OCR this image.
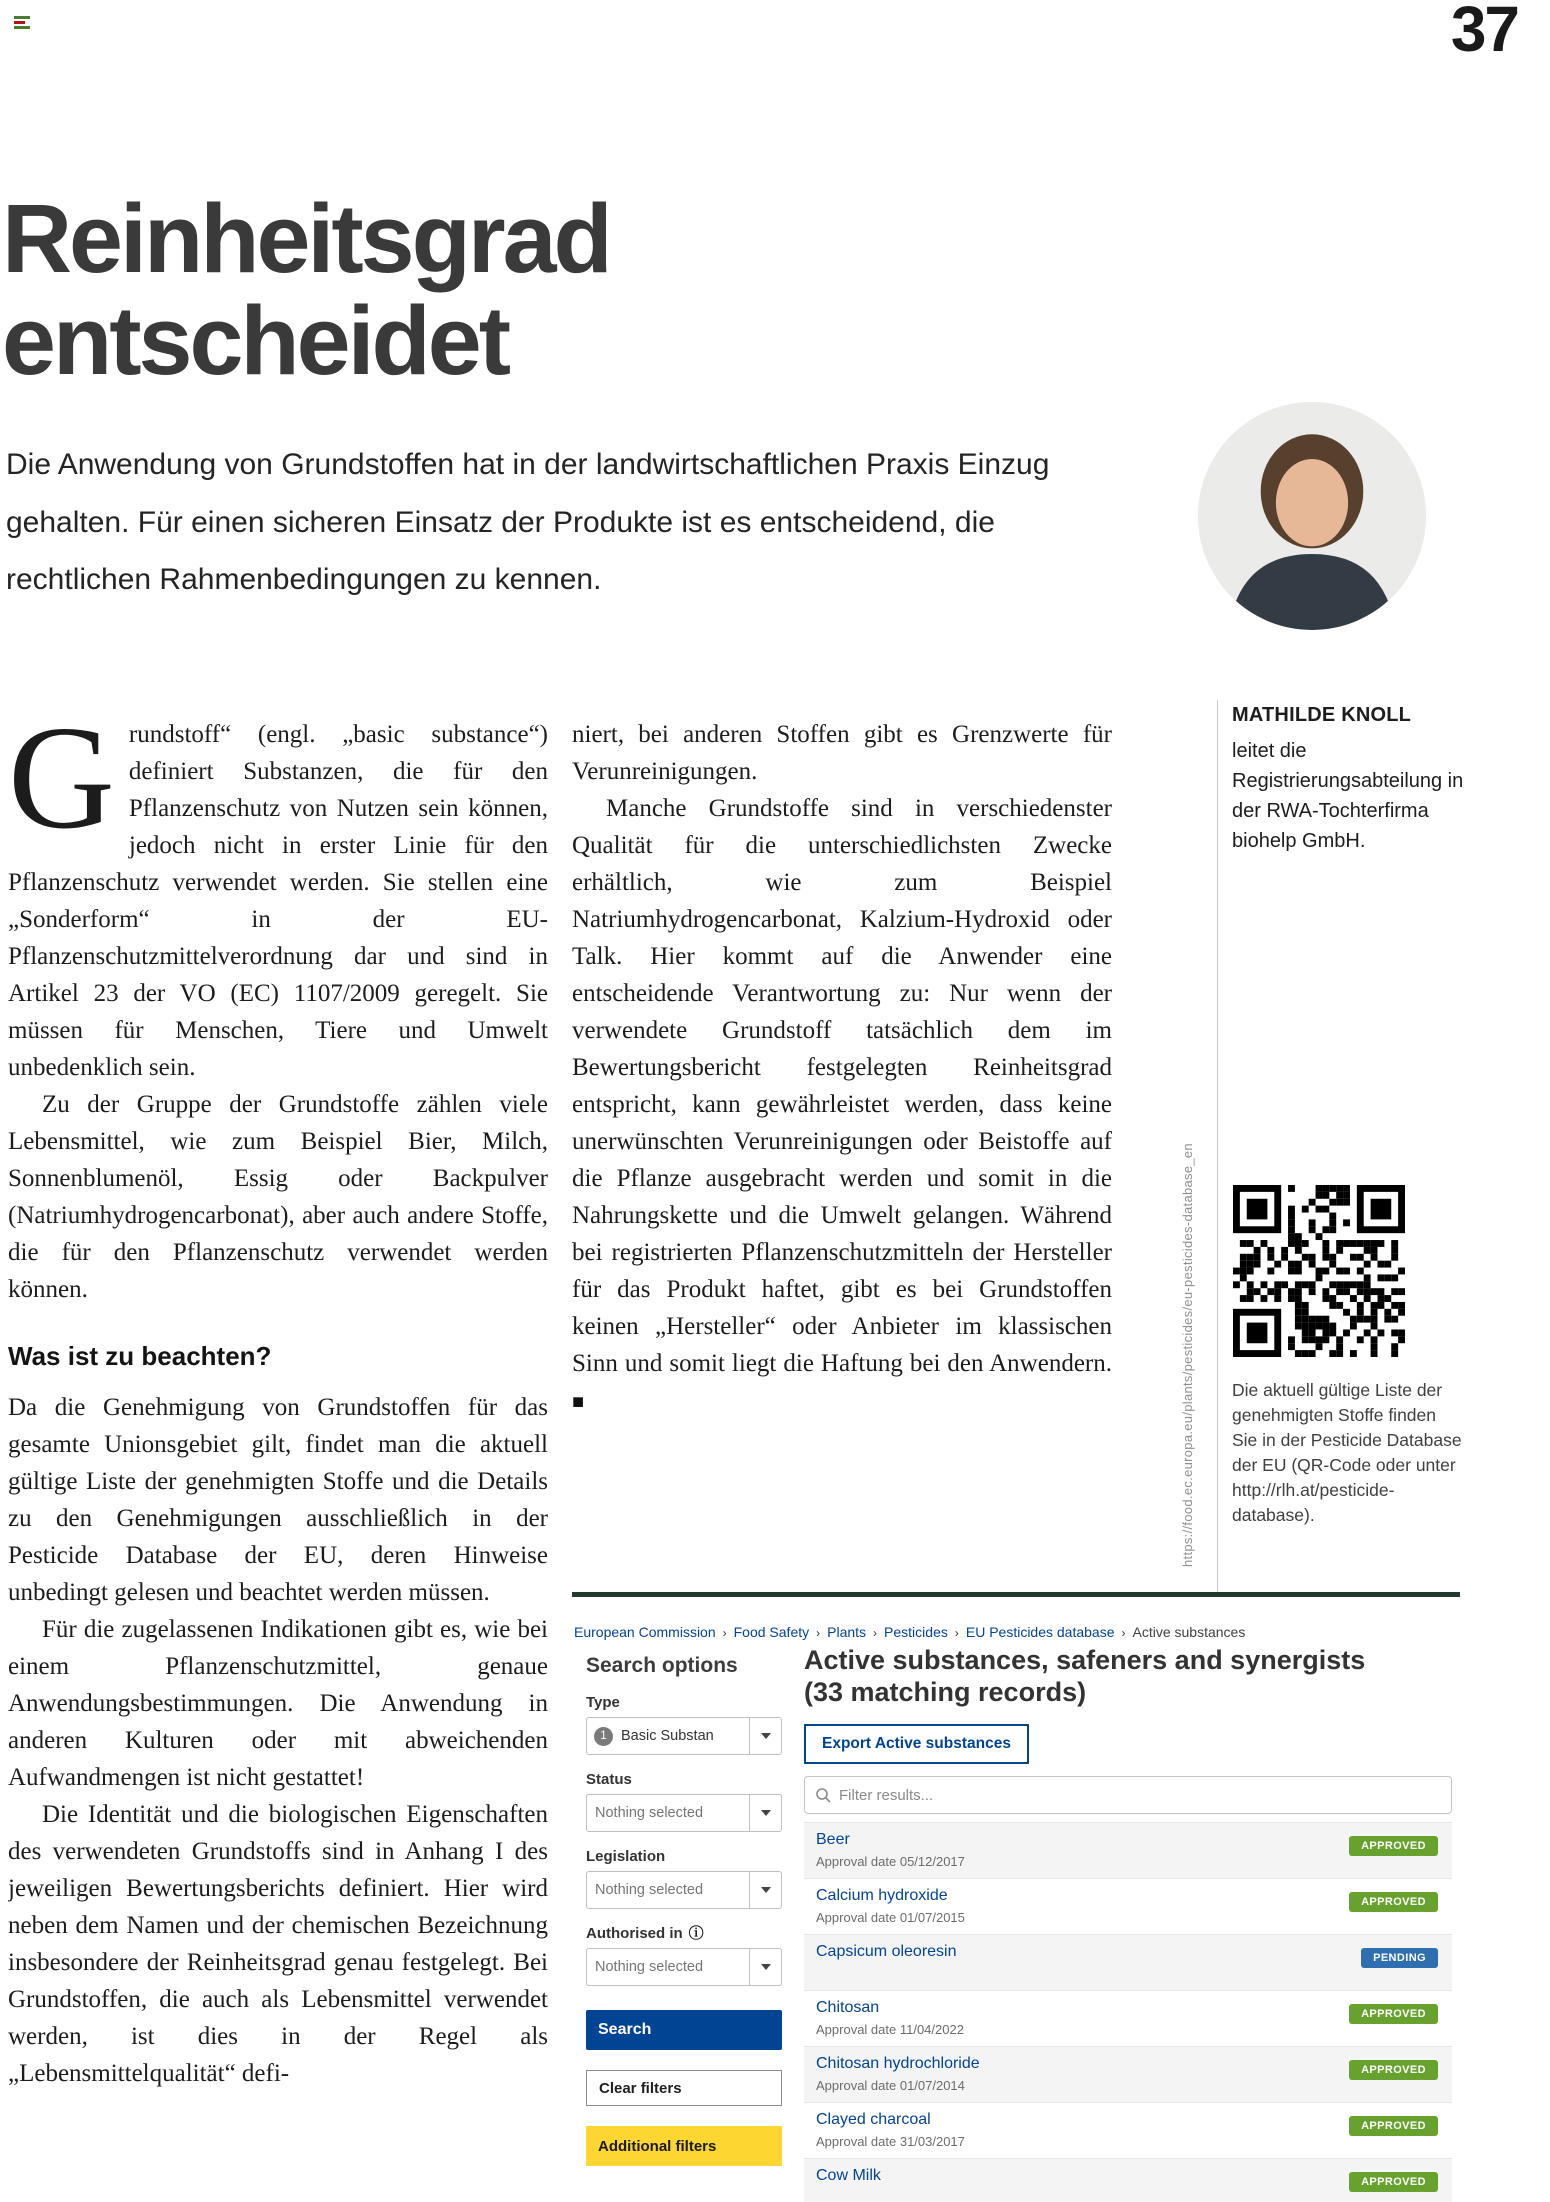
37
Reinheitsgrad
entscheidet
Die Anwendung von Grundstoffen hat in der landwirtschaftlichen Praxis Einzug gehalten. Für einen sicheren Einsatz der Produkte ist es entscheidend, die rechtlichen Rahmenbedingungen zu kennen.

Grundstoff“ (engl. „basic substance“) definiert Substanzen, die für den Pflanzenschutz von Nutzen sein können, jedoch nicht in erster Linie für den Pflanzenschutz verwendet werden. Sie stellen eine „Sonderform“ in der EU- Pflanzenschutzmittelverordnung dar und sind in Artikel 23 der VO (EC) 1107/2009 geregelt. Sie müssen für Menschen, Tiere und Umwelt unbedenklich sein.

Zu der Gruppe der Grundstoffe zählen viele Lebensmittel, wie zum Beispiel Bier, Milch, Sonnenblumenöl, Essig oder Backpulver (Natriumhydrogencarbonat), aber auch andere Stoffe, die für den Pflanzenschutz verwendet werden können.

Was ist zu beachten?

Da die Genehmigung von Grundstoffen für das gesamte Unionsgebiet gilt, findet man die aktuell gültige Liste der genehmigten Stoffe und die Details zu den Genehmigungen ausschließlich in der Pesticide Database der EU, deren Hinweise unbedingt gelesen und beachtet werden müssen.

Für die zugelassenen Indikationen gibt es, wie bei einem Pflanzenschutzmittel, genaue Anwendungsbestimmungen. Die Anwendung in anderen Kulturen oder mit abweichenden Aufwandmengen ist nicht gestattet!

Die Identität und die biologischen Eigenschaften des verwendeten Grundstoffs sind in Anhang I des jeweiligen Bewertungsberichts definiert. Hier wird neben dem Namen und der chemischen Bezeichnung insbesondere der Reinheitsgrad genau festgelegt. Bei Grundstoffen, die auch als Lebensmittel verwendet werden, ist dies in der Regel als „Lebensmittelqualität“ defi-

niert, bei anderen Stoffen gibt es Grenzwerte für Verunreinigungen.

Manche Grundstoffe sind in verschiedenster Qualität für die unterschiedlichsten Zwecke erhältlich, wie zum Beispiel Natriumhydrogencarbonat, Kalzium-Hydroxid oder Talk. Hier kommt auf die Anwender eine entscheidende Verantwortung zu: Nur wenn der verwendete Grundstoff tatsächlich dem im Bewertungsbericht festgelegten Reinheitsgrad entspricht, kann gewährleistet werden, dass keine unerwünschten Verunreinigungen oder Beistoffe auf die Pflanze ausgebracht werden und somit in die Nahrungskette und die Umwelt gelangen. Während bei registrierten Pflanzenschutzmitteln der Hersteller für das Produkt haftet, gibt es bei Grundstoffen keinen „Hersteller“ oder Anbieter im klassischen Sinn und somit liegt die Haftung bei den Anwendern. ■

MATHILDE KNOLL
leitet die Registrierungsabteilung in der RWA-Tochterfirma biohelp GmbH.
https://food.ec.europa.eu/plants/pesticides/eu-pesticides-database_en Die aktuell gültige Liste der genehmigten Stoffe finden Sie in der Pesticide Database der EU (QR-Code oder unter http://rlh.at/pesticide-database).
European Commission › Food Safety › Plants › Pesticides › EU Pesticides database › Active substances
Search options
Type
1 Basic Substan
Status
Nothing selected
Legislation
Nothing selected
Authorised in ⓘ
Nothing selected
Search
Clear filters
Additional filters
Active substances, safeners and synergists
(33 matching records)
Export Active substances
Filter results...
Beer
Approval date 05/12/2017
APPROVED
Calcium hydroxide
Approval date 01/07/2015
APPROVED
Capsicum oleoresin	PENDING
Chitosan
Approval date 11/04/2022
APPROVED
Chitosan hydrochloride
Approval date 01/07/2014
APPROVED
Clayed charcoal
Approval date 31/03/2017
APPROVED
Cow Milk	APPROVED
